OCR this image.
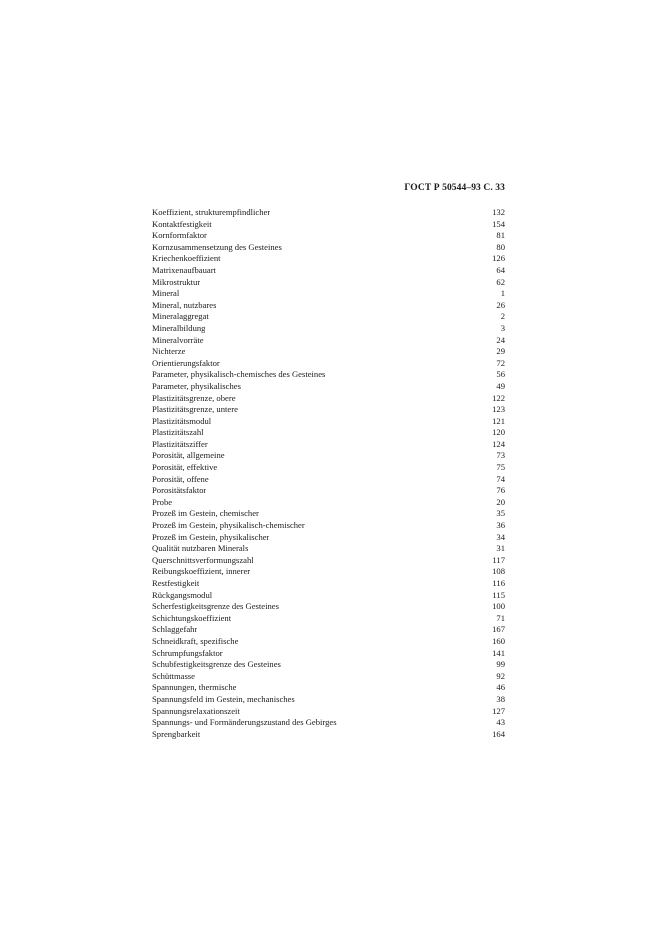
ГОСТ Р 50544–93 С. 33
Koeffizient, strukturempfindlicher	132
Kontaktfestigkeit	154
Kornformfaktor	81
Kornzusammensetzung des Gesteines	80
Kriechenkoeffizient	126
Matrixenaufbauart	64
Mikrostruktur	62
Mineral	1
Mineral, nutzbares	26
Mineralaggregat	2
Mineralbildung	3
Mineralvorräte	24
Nichterze	29
Orientierungsfaktor	72
Parameter, physikalisch-chemisches des Gesteines	56
Parameter, physikalisches	49
Plastizitätsgrenze, obere	122
Plastizitätsgrenze, untere	123
Plastizitätsmodul	121
Plastizitätszahl	120
Plastizitätsziffer	124
Porosität, allgemeine	73
Porosität, effektive	75
Porosität, offene	74
Porositätsfaktor	76
Probe	20
Prozeß im Gestein, chemischer	35
Prozeß im Gestein, physikalisch-chemischer	36
Prozeß im Gestein, physikalischer	34
Qualität nutzbaren Minerals	31
Querschnittsverformungszahl	117
Reibungskoeffizient, innerer	108
Restfestigkeit	116
Rückgangsmodul	115
Scherfestigkeitsgrenze des Gesteines	100
Schichtungskoeffizient	71
Schlaggefahr	167
Schneidkraft, spezifische	160
Schrumpfungsfaktor	141
Schubfestigkeitsgrenze des Gesteines	99
Schüttmasse	92
Spannungen, thermische	46
Spannungsfeld im Gestein, mechanisches	38
Spannungsrelaxationszeit	127
Spannungs- und Formänderungszustand des Gebirges	43
Sprengbarkeit	164
